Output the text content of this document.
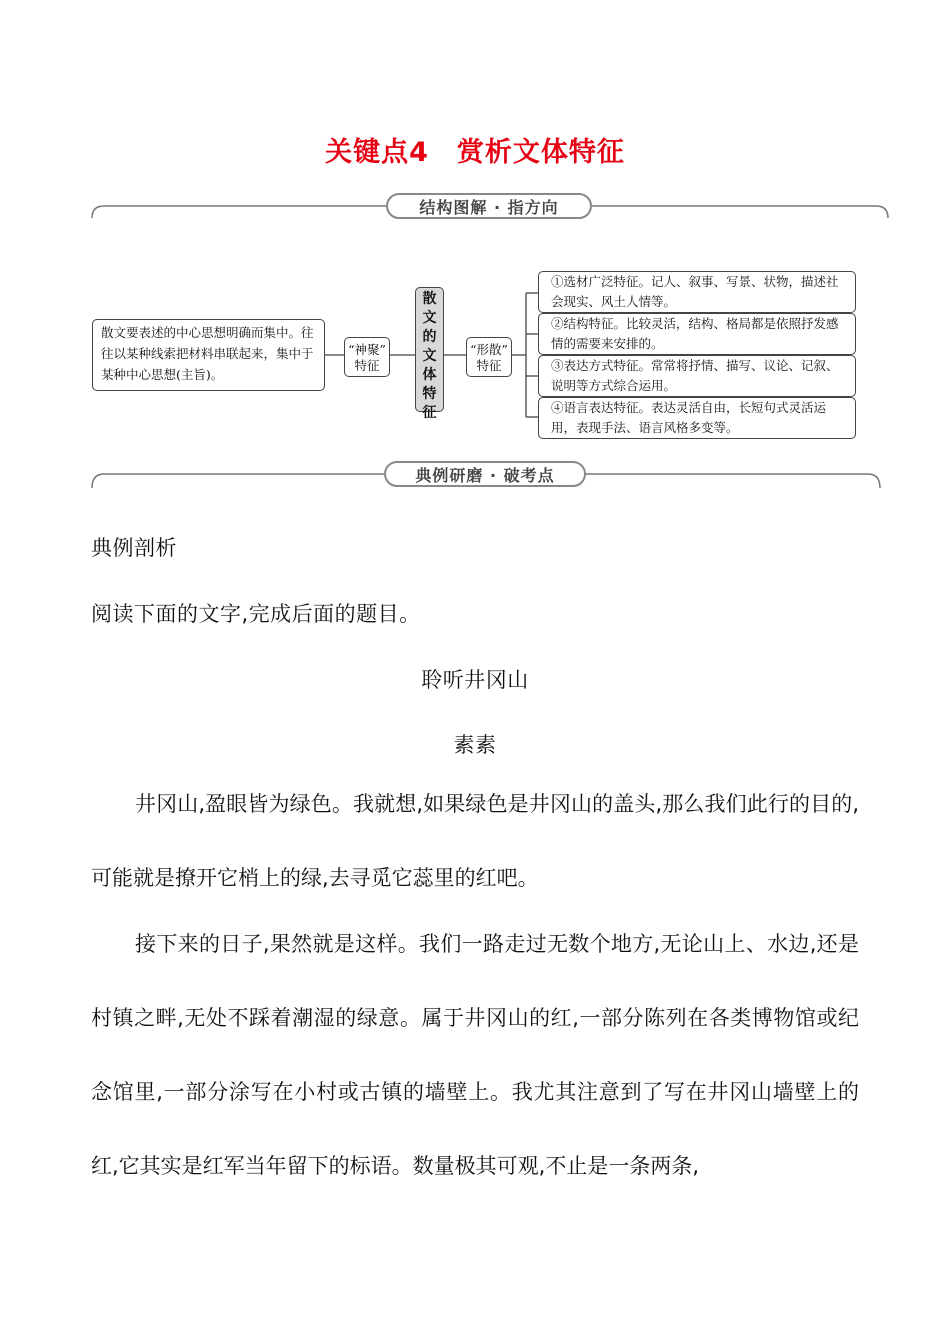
关键点4　赏析文体特征
结构图解 · 指方向
典例研磨 · 破考点
散文要表述的中心思想明确而集中。往往以某种线索把材料串联起来，集中于某种中心思想(主旨)。
“神聚”
特征
散
文
的
文
体
特
征
“形散”
特征
①选材广泛特征。记人、叙事、写景、状物，描述社会现实、风土人情等。
②结构特征。比较灵活，结构、格局都是依照抒发感情的需要来安排的。
③表达方式特征。常常将抒情、描写、议论、记叙、说明等方式综合运用。
④语言表达特征。表达灵活自由，长短句式灵活运用，表现手法、语言风格多变等。
典例剖析
阅读下面的文字,完成后面的题目。
聆听井冈山
素素
井冈山,盈眼皆为绿色。我就想,如果绿色是井冈山的盖头,那么我们此行的目的,可能就是撩开它梢上的绿,去寻觅它蕊里的红吧。
接下来的日子,果然就是这样。我们一路走过无数个地方,无论山上、水边,还是村镇之畔,无处不踩着潮湿的绿意。属于井冈山的红,一部分陈列在各类博物馆或纪念馆里,一部分涂写在小村或古镇的墙壁上。我尤其注意到了写在井冈山墙壁上的红,它其实是红军当年留下的标语。数量极其可观,不止是一条两条,
